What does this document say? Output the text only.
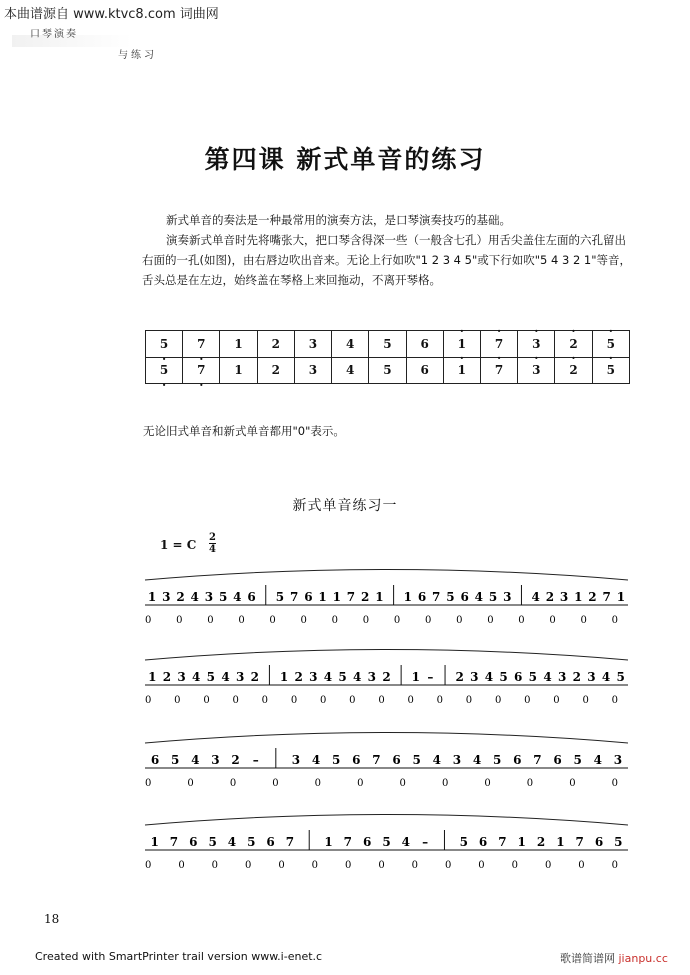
本曲谱源自 www.ktvc8.com 词曲网
口琴演奏
与练习
第四课 新式单音的练习

新式单音的奏法是一种最常用的演奏方法，是口琴演奏技巧的基础。

演奏新式单音时先将嘴张大，把口琴含得深一些（一般含七孔）用舌尖盖住左面的六孔留出右面的一孔(如图)，由右唇边吹出音来。无论上行如吹"1 2 3 4 5"或下行如吹"5 4 3 2 1"等音，舌头总是在左边，始终盖在琴格上来回拖动，不离开琴格。

5 ·	7 ·	1	2	3	4	5	6	· 1	· 7	· 3	· 2	· 5
5 ·	7 ·	1	2	3	4	5	6	· 1	· 7	· 3	· 2	· 5
无论旧式单音和新式单音都用"0"表示。
新式单音练习一
1 = C
2
4
1 3 2 4 3 5 4 6 5 7 6 1 1 7 2 1 1 6 7 5 6 4 5 3 4 2 3 1 2 7 1
0 0 0 0 0 0 0 0 0 0 0 0 0 0 0 0
1 2 3 4 5 4 3 2 1 2 3 4 5 4 3 2 1 – 2 3 4 5 6 5 4 3 2 3 4 5
0 0 0 0 0 0 0 0 0 0 0 0 0 0 0 0 0
6 5 4 3 2 –	3 4 5 6 7 6 5 4 3 4 5 6 7 6 5 4 3
0 0 0 0 0 0 0 0 0 0 0 0
1 7 6 5 4 5 6 7	1 7 6 5 4 –	5 6 7 1 2 1 7 6 5
0 0 0 0 0 0 0 0 0 0 0 0 0 0 0
18
Created with SmartPrinter trail version www.i-enet.c	歌谱简谱网 jianpu.cc
